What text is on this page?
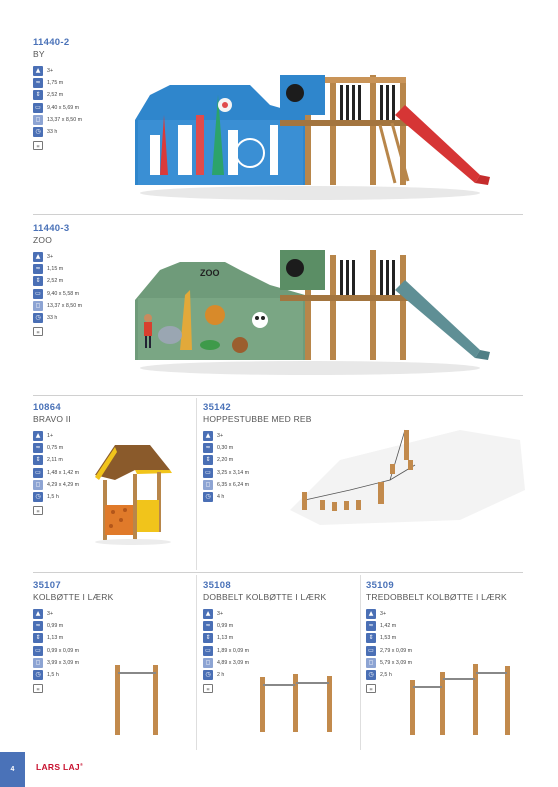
11440-2
BY
▲	3+
≈	1,75 m
⇕	2,52 m
▭	9,40 x 5,69 m
◻	13,37 x 8,50 m
◷	33 h
▤
11440-3
ZOO
▲	3+
≈	1,15 m
⇕	2,52 m
▭	9,40 x 5,58 m
◻	13,37 x 8,50 m
◷	33 h
▤
ZOO
10864
BRAVO II
▲	1+
≈	0,75 m
⇕	2,11 m
▭	1,48 x 1,42 m
◻	4,29 x 4,29 m
◷	1,5 h
▤
35142
HOPPESTUBBE MED REB
▲	3+
≈	0,30 m
⇕	2,20 m
▭	3,25 x 3,14 m
◻	6,35 x 6,24 m
◷	4 h
35107
KOLBØTTE I LÆRK
▲	3+
≈	0,99 m
⇕	1,13 m
▭	0,99 x 0,09 m
◻	3,99 x 3,09 m
◷	1,5 h
▤
35108
DOBBELT KOLBØTTE I LÆRK
▲	3+
≈	0,99 m
⇕	1,13 m
▭	1,89 x 0,09 m
◻	4,89 x 3,09 m
◷	2 h
▤
35109
TREDOBBELT KOLBØTTE I LÆRK
▲	3+
≈	1,42 m
⇕	1,53 m
▭	2,79 x 0,09 m
◻	5,79 x 3,09 m
◷	2,5 h
▤
4	LARS LAJ®
